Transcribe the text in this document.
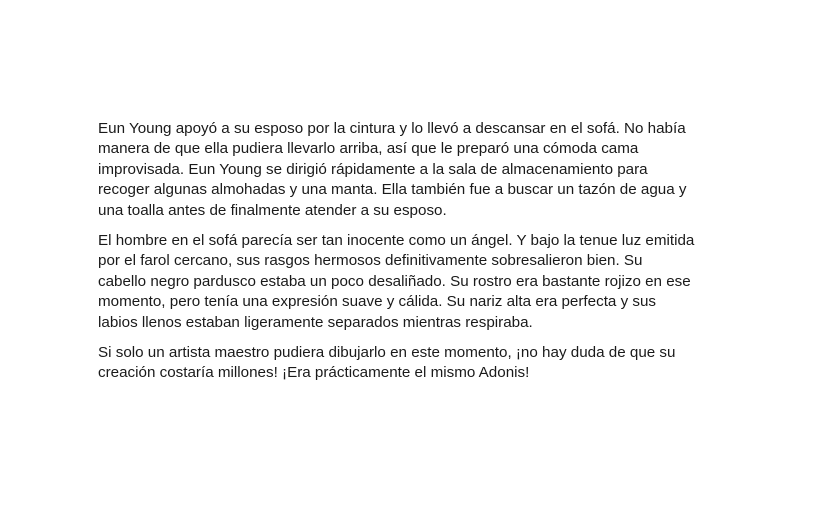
Eun Young apoyó a su esposo por la cintura y lo llevó a descansar en el sofá. No había
manera de que ella pudiera llevarlo arriba, así que le preparó una cómoda cama
improvisada. Eun Young se dirigió rápidamente a la sala de almacenamiento para
recoger algunas almohadas y una manta. Ella también fue a buscar un tazón de agua y
una toalla antes de finalmente atender a su esposo.

El hombre en el sofá parecía ser tan inocente como un ángel. Y bajo la tenue luz emitida
por el farol cercano, sus rasgos hermosos definitivamente sobresalieron bien. Su
cabello negro pardusco estaba un poco desaliñado. Su rostro era bastante rojizo en ese
momento, pero tenía una expresión suave y cálida. Su nariz alta era perfecta y sus
labios llenos estaban ligeramente separados mientras respiraba.

Si solo un artista maestro pudiera dibujarlo en este momento, ¡no hay duda de que su
creación costaría millones! ¡Era prácticamente el mismo Adonis!
